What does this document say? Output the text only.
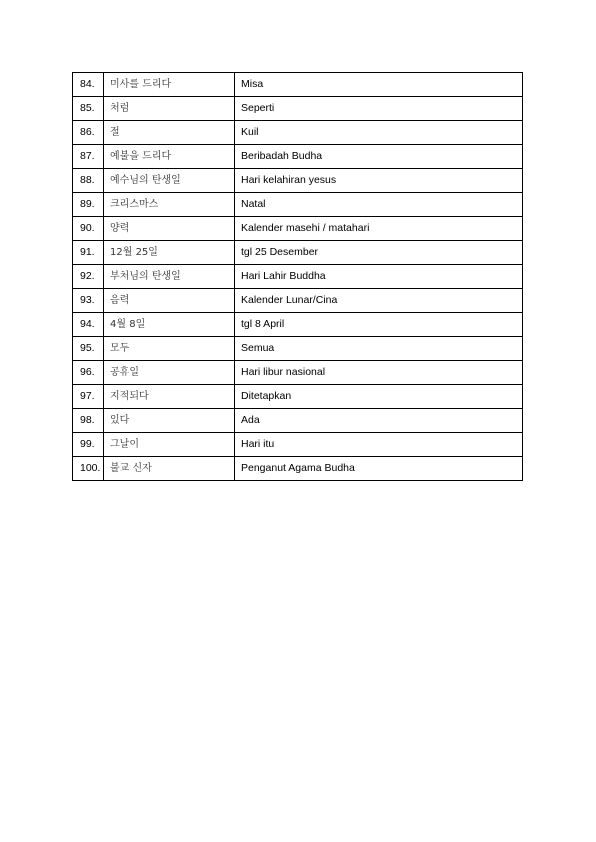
84.	미사를 드리다	Misa
85.	처럼	Seperti
86.	절	Kuil
87.	예불을 드리다	Beribadah Budha
88.	예수님의 탄생일	Hari kelahiran yesus
89.	크리스마스	Natal
90.	양력	Kalender masehi / matahari
91.	12월 25일	tgl 25 Desember
92.	부처님의 탄생일	Hari Lahir Buddha
93.	음력	Kalender Lunar/Cina
94.	4월 8일	tgl 8 April
95.	모두	Semua
96.	공휴일	Hari libur nasional
97.	지적되다	Ditetapkan
98.	있다	Ada
99.	그날이	Hari itu
100.	불교 신자	Penganut Agama Budha
